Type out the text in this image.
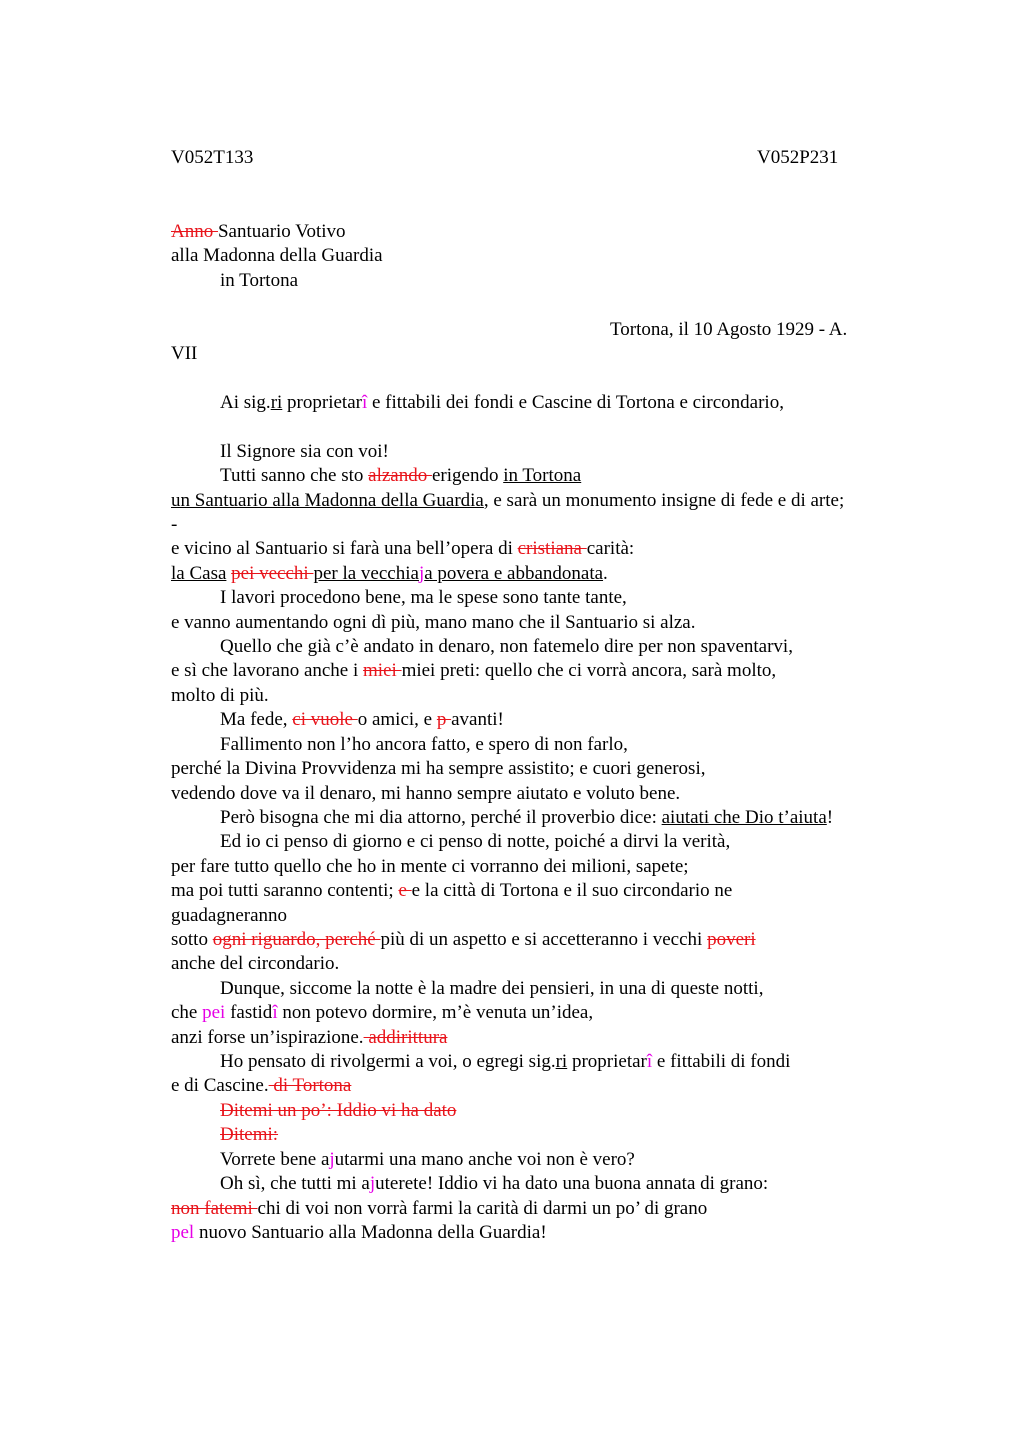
V052T133	V052P231
Anno Santuario Votivo
alla Madonna della Guardia
in Tortona
Tortona, il 10 Agosto 1929 - A.
VII
Ai sig.ri proprietarî e fittabili dei fondi e Cascine di Tortona e circondario,
Il Signore sia con voi!
Tutti sanno che sto alzando erigendo in Tortona
un Santuario alla Madonna della Guardia, e sarà un monumento insigne di fede e di arte;
-
e vicino al Santuario si farà una bell’opera di cristiana carità:
la Casa pei vecchi per la vecchiaja povera e abbandonata.
I lavori procedono bene, ma le spese sono tante tante,
e vanno aumentando ogni dì più, mano mano che il Santuario si alza.
Quello che già c’è andato in denaro, non fatemelo dire per non spaventarvi,
e sì che lavorano anche i miei miei preti: quello che ci vorrà ancora, sarà molto,
molto di più.
Ma fede, ci vuole o amici, e p avanti!
Fallimento non l’ho ancora fatto, e spero di non farlo,
perché la Divina Provvidenza mi ha sempre assistito; e cuori generosi,
vedendo dove va il denaro, mi hanno sempre aiutato e voluto bene.
Però bisogna che mi dia attorno, perché il proverbio dice: aiutati che Dio t’aiuta!
Ed io ci penso di giorno e ci penso di notte, poiché a dirvi la verità,
per fare tutto quello che ho in mente ci vorranno dei milioni, sapete;
ma poi tutti saranno contenti; e e la città di Tortona e il suo circondario ne
guadagneranno
sotto ogni riguardo, perché più di un aspetto e si accetteranno i vecchi poveri
anche del circondario.
Dunque, siccome la notte è la madre dei pensieri, in una di queste notti,
che pei fastidî non potevo dormire, m’è venuta un’idea,
anzi forse un’ispirazione. addirittura
Ho pensato di rivolgermi a voi, o egregi sig.ri proprietarî e fittabili di fondi
e di Cascine. di Tortona
Ditemi un po’: Iddio vi ha dato
Ditemi:
Vorrete bene ajutarmi una mano anche voi non è vero?
Oh sì, che tutti mi ajuterete! Iddio vi ha dato una buona annata di grano:
non fatemi chi di voi non vorrà farmi la carità di darmi un po’ di grano
pel nuovo Santuario alla Madonna della Guardia!
